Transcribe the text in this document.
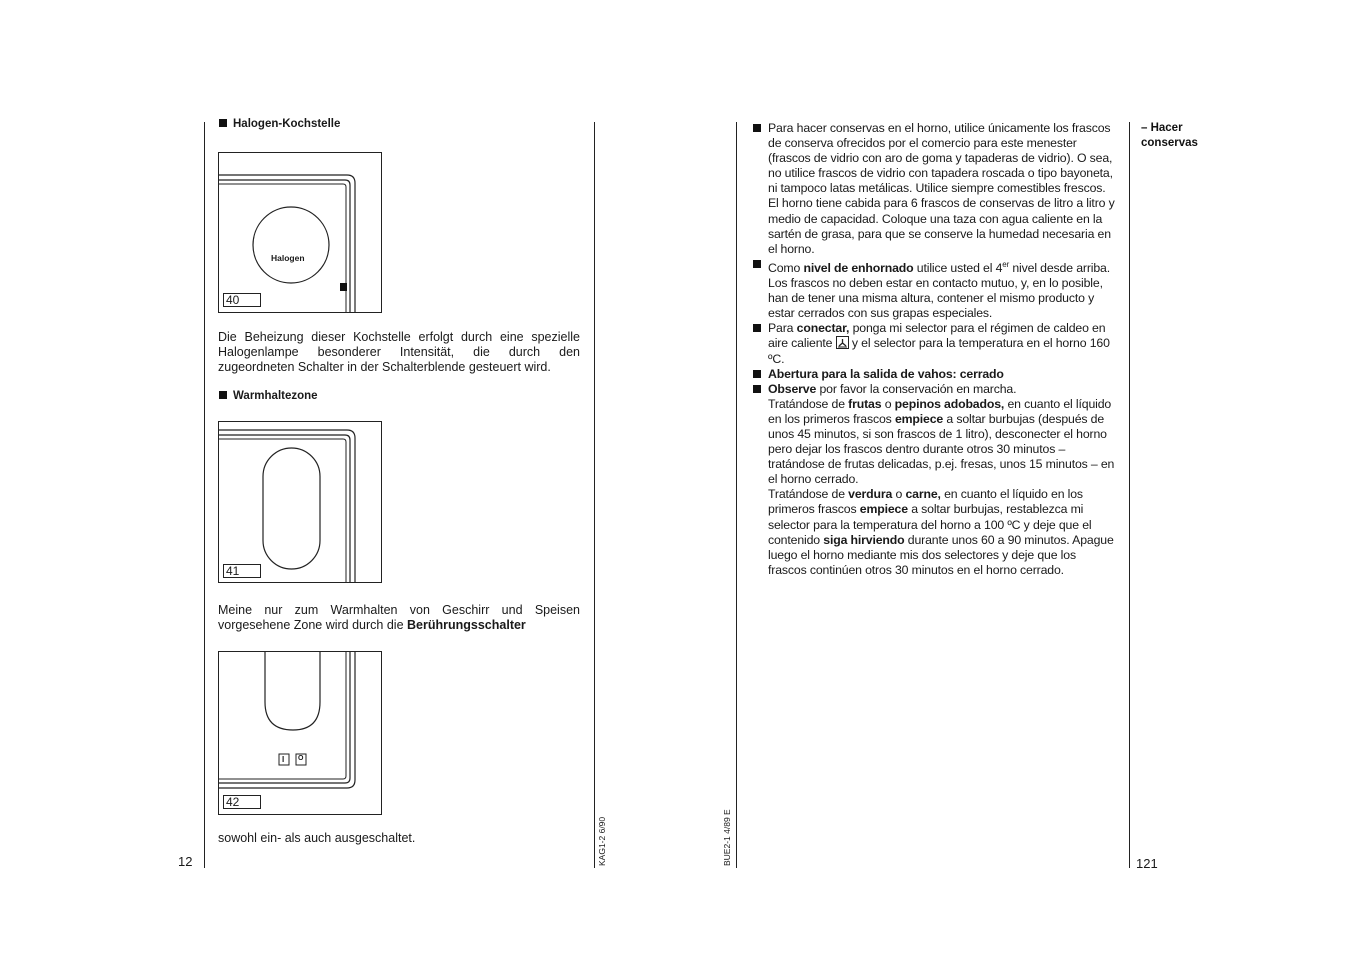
Halogen-Kochstelle
Halogen
40
Die Beheizung dieser Kochstelle erfolgt durch eine spezielle Halogenlampe besonderer Intensität, die durch den zugeordneten Schalter in der Schalterblende gesteuert wird.
Warmhaltezone
41
Meine nur zum Warmhalten von Geschirr und Speisen vorgesehene Zone wird durch die Berührungsschalter
I O
42
sowohl ein- als auch ausgeschaltet.
12	KAG1-2 6/90	BUE2-1 4/89 E

Para hacer conservas en el horno, utilice únicamente los frascos de conserva ofrecidos por el comercio para este menester (frascos de vidrio con aro de goma y tapaderas de vidrio). O sea, no utilice frascos de vidrio con tapadera roscada o tipo bayoneta, ni tampoco latas metálicas. Utilice siempre comestibles frescos.

El horno tiene cabida para 6 frascos de conservas de litro a litro y medio de capacidad. Coloque una taza con agua caliente en la sartén de grasa, para que se conserve la humedad necesaria en el horno.

Como nivel de enhornado utilice usted el 4er nivel desde arriba. Los frascos no deben estar en contacto mutuo, y, en lo posible, han de tener una misma altura, contener el mismo producto y estar cerrados con sus grapas especiales.

Para conectar, ponga mi selector para el régimen de caldeo en aire caliente
y el selector para la temperatura en el horno 160 ºC.

Abertura para la salida de vahos: cerrado

Observe por favor la conservación en marcha.

Tratándose de frutas o pepinos adobados, en cuanto el líquido en los primeros frascos empiece a soltar burbujas (después de unos 45 minutos, si son frascos de 1 litro), desconecter el horno pero dejar los frascos dentro durante otros 30 minutos – tratándose de frutas delicadas, p.ej. fresas, unos 15 minutos – en el horno cerrado.

Tratándose de verdura o carne, en cuanto el líquido en los primeros frascos empiece a soltar burbujas, restablezca mi selector para la temperatura del horno a 100 ºC y deje que el contenido siga hirviendo durante unos 60 a 90 minutos. Apague luego el horno mediante mis dos selectores y deje que los frascos continúen otros 30 minutos en el horno cerrado.

– Hacer
conservas
121
